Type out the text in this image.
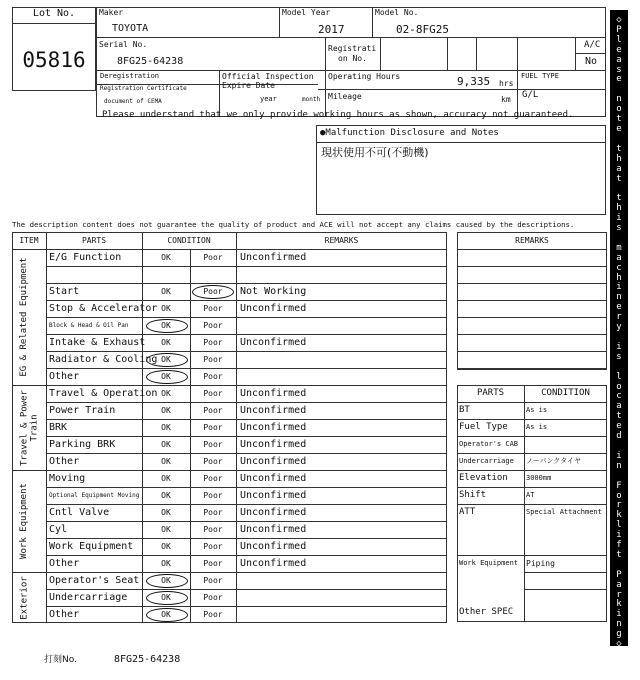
Lot No.
05816
Maker
TOYOTA
Model Year
2017
Model No.
02-8FG25
Serial No.
8FG25-64238
Registrati
on No.
A/C
No
Deregistration
Registration Certificate
document of CEMA
Official Inspection
Expire Date
year	month
Operating Hours	9,335 hrs
Mileage	km
FUEL TYPE
G/L
Please understand that we only provide working hours as shown, accuracy not guaranteed.
●Malfunction Disclosure and Notes
現状使用不可(不動機)
The description content does not guarantee the quality of product and ACE will not accept any claims caused by the descriptions.
ITEM	PARTS	CONDITION	REMARKS
E/G Function	OK	Poor	Unconfirmed
Start	OK	Poor	Not Working
Stop & Accelerator OK	Poor	Unconfirmed
Block & Head & Oil Pan	OK	Poor
Intake & Exhaust	OK	Poor	Unconfirmed
Radiator & Cooling OK	Poor
Other	OK	Poor
EG & Related Equipment
Travel & Operation OK	Poor	Unconfirmed
Power Train	OK	Poor	Unconfirmed
BRK	OK	Poor	Unconfirmed
Parking BRK	OK	Poor	Unconfirmed
Other	OK	Poor	Unconfirmed
Travel & Power Train
Moving	OK	Poor	Unconfirmed
Optional Equipment Moving	OK	Poor	Unconfirmed
Cntl Valve	OK	Poor	Unconfirmed
Cyl	OK	Poor	Unconfirmed
Work Equipment	OK	Poor	Unconfirmed
Other	OK	Poor	Unconfirmed
Work Equipment
Operator's Seat	OK	Poor
Undercarriage	OK	Poor
Other	OK	Poor
Exterior
REMARKS
PARTS	CONDITION
BT	As is
Fuel Type	As is
Operator's CAB
Undercarriage ノーパンクタイヤ
Elevation	3000mm
Shift	AT
ATT	Special Attachment
Work Equipment Piping
Other SPEC
◇
P
l
e
a
s
e

n
o
t
e

t
h
a
t

t
h
i
s

m
a
c
h
i
n
e
r
y

i
s

l
o
c
a
t
e
d

i
n

F
o
r
k
l
i
f
t

P
a
r
k
i
n
g
◇
打刻No.	8FG25-64238
